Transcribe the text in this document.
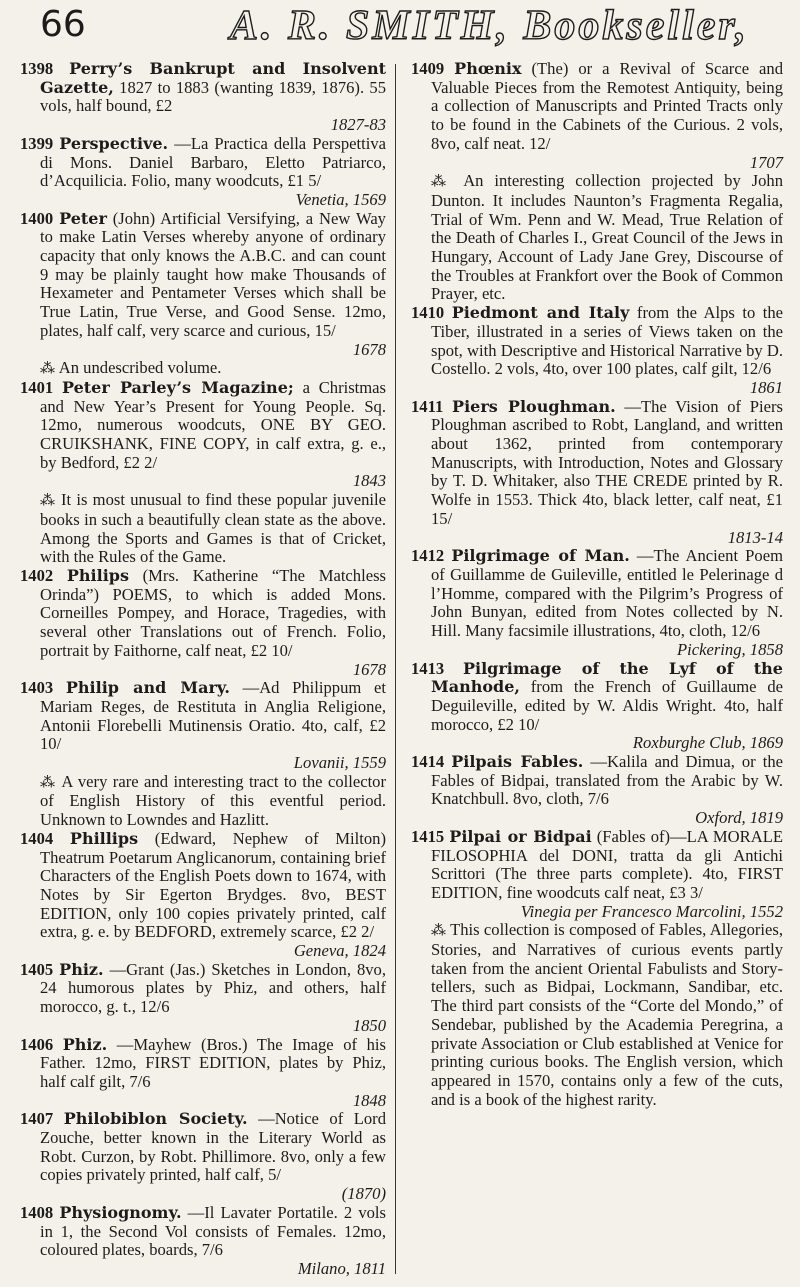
66	A. R. SMITH, Bookseller,

1398 Perry’s Bankrupt and Insolvent Gazette, 1827 to 1883 (wanting 1839, 1876). 55 vols, half bound, £2
1827-83

1399 Perspective. —La Practica della Perspettiva di Mons. Daniel Barbaro, Eletto Patriarco, d’Acquilicia. Folio, many woodcuts, £1 5/
Venetia, 1569

1400 Peter (John) Artificial Versifying, a New Way to make Latin Verses whereby anyone of ordinary capacity that only knows the A.B.C. and can count 9 may be plainly taught how make Thousands of Hexameter and Pentameter Verses which shall be True Latin, True Verse, and Good Sense. 12mo, plates, half calf, very scarce and curious, 15/
1678

⁂ An undescribed volume.

1401 Peter Parley’s Magazine; a Christmas and New Year’s Present for Young People. Sq. 12mo, numerous woodcuts, ONE BY GEO. CRUIKSHANK, FINE COPY, in calf extra, g. e., by Bedford, £2 2/
1843

⁂ It is most unusual to find these popular juvenile books in such a beautifully clean state as the above. Among the Sports and Games is that of Cricket, with the Rules of the Game.

1402 Philips (Mrs. Katherine “The Matchless Orinda”) POEMS, to which is added Mons. Corneilles Pompey, and Horace, Tragedies, with several other Translations out of French. Folio, portrait by Faithorne, calf neat, £2 10/
1678

1403 Philip and Mary. —Ad Philippum et Mariam Reges, de Restituta in Anglia Religione, Antonii Florebelli Mutinensis Oratio. 4to, calf, £2 10/
Lovanii, 1559

⁂ A very rare and interesting tract to the collector of English History of this eventful period. Unknown to Lowndes and Hazlitt.

1404 Phillips (Edward, Nephew of Milton) Theatrum Poetarum Anglicanorum, containing brief Characters of the English Poets down to 1674, with Notes by Sir Egerton Brydges. 8vo, BEST EDITION, only 100 copies privately printed, calf extra, g. e. by BEDFORD, extremely scarce, £2 2/
Geneva, 1824

1405 Phiz. —Grant (Jas.) Sketches in London, 8vo, 24 humorous plates by Phiz, and others, half morocco, g. t., 12/6
1850

1406 Phiz. —Mayhew (Bros.) The Image of his Father. 12mo, FIRST EDITION, plates by Phiz, half calf gilt, 7/6
1848

1407 Philobiblon Society. —Notice of Lord Zouche, better known in the Literary World as Robt. Curzon, by Robt. Phillimore. 8vo, only a few copies privately printed, half calf, 5/
(1870)

1408 Physiognomy. —Il Lavater Portatile. 2 vols in 1, the Second Vol consists of Females. 12mo, coloured plates, boards, 7/6
Milano, 1811

1409 Phœnix (The) or a Revival of Scarce and Valuable Pieces from the Remotest Antiquity, being a collection of Manuscripts and Printed Tracts only to be found in the Cabinets of the Curious. 2 vols, 8vo, calf neat. 12/
1707

⁂ An interesting collection projected by John Dunton. It includes Naunton’s Fragmenta Regalia, Trial of Wm. Penn and W. Mead, True Relation of the Death of Charles I., Great Council of the Jews in Hungary, Account of Lady Jane Grey, Discourse of the Troubles at Frankfort over the Book of Common Prayer, etc.

1410 Piedmont and Italy from the Alps to the Tiber, illustrated in a series of Views taken on the spot, with Descriptive and Historical Narrative by D. Costello. 2 vols, 4to, over 100 plates, calf gilt, 12/6
1861

1411 Piers Ploughman. —The Vision of Piers Ploughman ascribed to Robt, Langland, and written about 1362, printed from contemporary Manuscripts, with Introduction, Notes and Glossary by T. D. Whitaker, also THE CREDE printed by R. Wolfe in 1553. Thick 4to, black letter, calf neat, £1 15/
1813-14

1412 Pilgrimage of Man. —The Ancient Poem of Guillamme de Guileville, entitled le Pelerinage d l’Homme, compared with the Pilgrim’s Progress of John Bunyan, edited from Notes collected by N. Hill. Many facsimile illustrations, 4to, cloth, 12/6
Pickering, 1858

1413 Pilgrimage of the Lyf of the Manhode, from the French of Guillaume de Deguileville, edited by W. Aldis Wright. 4to, half morocco, £2 10/
Roxburghe Club, 1869

1414 Pilpais Fables. —Kalila and Dimua, or the Fables of Bidpai, translated from the Arabic by W. Knatchbull. 8vo, cloth, 7/6
Oxford, 1819

1415 Pilpai or Bidpai (Fables of)—LA MORALE FILOSOPHIA del DONI, tratta da gli Antichi Scrittori (The three parts complete). 4to, FIRST EDITION, fine woodcuts calf neat, £3 3/
Vinegia per Francesco Marcolini, 1552

⁂ This collection is composed of Fables, Allegories, Stories, and Narratives of curious events partly taken from the ancient Oriental Fabulists and Story-tellers, such as Bidpai, Lockmann, Sandibar, etc. The third part consists of the “Corte del Mondo,” of Sendebar, published by the Academia Peregrina, a private Association or Club established at Venice for printing curious books. The English version, which appeared in 1570, contains only a few of the cuts, and is a book of the highest rarity.
